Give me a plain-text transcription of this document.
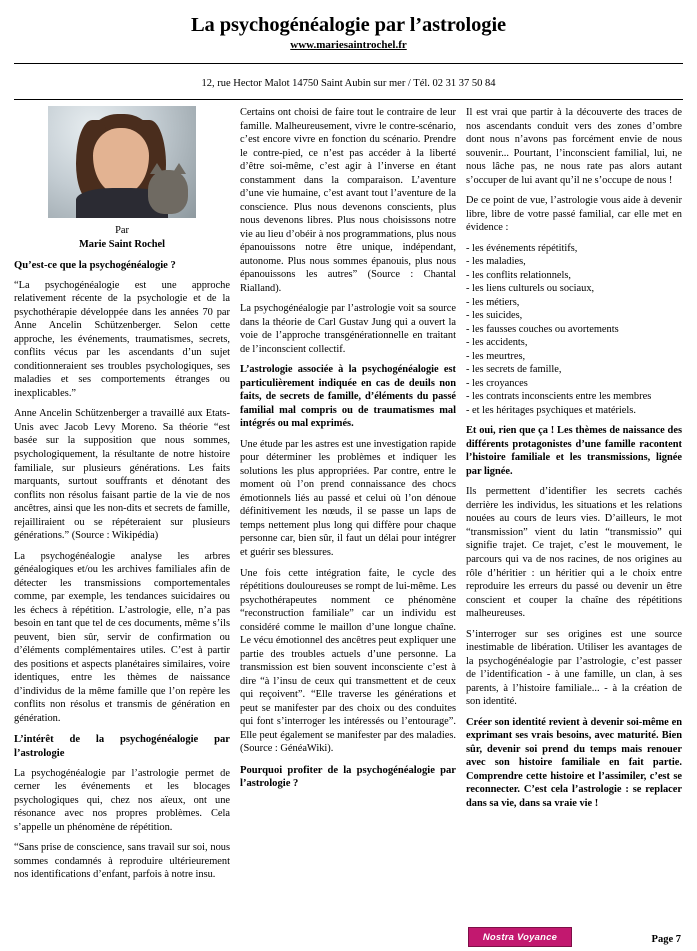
La psychogénéalogie par l’astrologie
www.mariesaintrochel.fr
12, rue Hector Malot 14750 Saint Aubin sur mer / Tél. 02 31 37 50 84
Par
Marie Saint Rochel
Qu’est-ce que la psychogénéalogie ?

“La psychogénéalogie est une approche relativement récente de la psychologie et de la psychothérapie développée dans les années 70 par Anne Ancelin Schützenberger. Selon cette approche, les événements, traumatismes, secrets, conflits vécus par les ascendants d’un sujet conditionneraient ses troubles psychologiques, ses maladies et ses comportements étranges ou inexplicables.”

Anne Ancelin Schützenberger a travaillé aux Etats-Unis avec Jacob Levy Moreno. Sa théorie “est basée sur la supposition que nous sommes, psychologiquement, la résultante de notre histoire familiale, sur plusieurs générations. Les faits marquants, surtout souffrants et dénotant des conflits non résolus faisant partie de la vie de nos ancêtres, ainsi que les non-dits et secrets de famille, rejailliraient ou se répéteraient sur plusieurs générations.” (Source : Wikipédia)

La psychogénéalogie analyse les arbres généalogiques et/ou les archives familiales afin de détecter les transmissions comportementales comme, par exemple, les tendances suicidaires ou les échecs à répétition. L’astrologie, elle, n’a pas besoin en tant que tel de ces documents, même s’ils peuvent, bien sûr, servir de confirmation ou d’éléments complémentaires utiles. C’est à partir des positions et aspects planétaires similaires, voire identiques, entre les thèmes de naissance d’individus de la même famille que l’on repère les conflits non résolus et transmis de génération en génération.

L’intérêt de la psychogénéalogie par l’astrologie

La psychogénéalogie par l’astrologie permet de cerner les événements et les blocages psychologiques qui, chez nos aïeux, ont une résonance avec nos propres problèmes. Cela s’appelle un phénomène de répétition.

“Sans prise de conscience, sans travail sur soi, nous sommes condamnés à reproduire ultérieurement nos identifications d’enfant, parfois à notre insu.

Certains ont choisi de faire tout le contraire de leur famille. Malheureusement, vivre le contre-scénario, c’est encore vivre en fonction du scénario. Prendre le contre-pied, ce n’est pas accéder à la liberté d’être soi-même, c’est agir à l’inverse en étant constamment dans la comparaison. L’aventure d’une vie humaine, c’est avant tout l’aventure de la conscience. Plus nous devenons conscients, plus nous devenons libres. Plus nous choisissons notre vie au lieu d’obéir à nos programmations, plus nous épanouissons notre être unique, indépendant, autonome. Plus nous sommes épanouis, plus nous épanouissons les autres” (Source : Chantal Rialland).

La psychogénéalogie par l’astrologie voit sa source dans la théorie de Carl Gustav Jung qui a ouvert la voie de l’approche transgénérationnelle en traitant de l’inconscient collectif.

L’astrologie associée à la psychogénéalogie est particulièrement indiquée en cas de deuils non faits, de secrets de famille, d’éléments du passé familial mal compris ou de traumatismes mal intégrés ou mal exprimés.

Une étude par les astres est une investigation rapide pour déterminer les problèmes et indiquer les solutions les plus appropriées. Par contre, entre le moment où l’on prend connaissance des chocs émotionnels liés au passé et celui où l’on dénoue définitivement les nœuds, il se passe un laps de temps nettement plus long qui diffère pour chaque personne car, bien sûr, il faut un délai pour intégrer et guérir ses blessures.

Une fois cette intégration faite, le cycle des répétitions douloureuses se rompt de lui-même. Les psychothérapeutes nomment ce phénomène “reconstruction familiale” car un individu est considéré comme le maillon d’une longue chaîne. Le vécu émotionnel des ancêtres peut expliquer une partie des troubles actuels d’une personne. La transmission est bien souvent inconsciente c’est à dire “à l’insu de ceux qui transmettent et de ceux qui reçoivent”. “Elle traverse les générations et peut se manifester par des choix ou des conduites qui font s’interroger les intéressés ou l’entourage”. Elle peut également se manifester par des maladies. (Source : GénéaWiki).

Pourquoi profiter de la psychogénéalogie par l’astrologie ?

Il est vrai que partir à la découverte des traces de nos ascendants conduit vers des zones d’ombre dont nous n’avons pas forcément envie de nous souvenir... Pourtant, l’inconscient familial, lui, ne nous lâche pas, ne nous rate pas alors autant s’occuper de lui avant qu’il ne s’occupe de nous !

De ce point de vue, l’astrologie vous aide à devenir libre, libre de votre passé familial, car elle met en évidence :

- les événements répétitifs,
- les maladies,
- les conflits relationnels,
- les liens culturels ou sociaux,
- les métiers,
- les suicides,
- les fausses couches ou avortements
- les accidents,
- les meurtres,
- les secrets de famille,
- les croyances
- les contrats inconscients entre les membres
- et les héritages psychiques et matériels.

Et oui, rien que ça ! Les thèmes de naissance des différents protagonistes d’une famille racontent l’histoire familiale et les transmissions, lignée par lignée.

Ils permettent d’identifier les secrets cachés derrière les individus, les situations et les relations nouées au cours de leurs vies. D’ailleurs, le mot “transmission” vient du latin “transmissio” qui signifie trajet. Ce trajet, c’est le mouvement, le parcours qui va de nos racines, de nos origines au rôle d’héritier : un héritier qui a le choix entre reproduire les erreurs du passé ou devenir un être conscient et couper la chaîne des répétitions malheureuses.

S’interroger sur ses origines est une source inestimable de libération. Utiliser les avantages de la psychogénéalogie par l’astrologie, c’est passer de l’identification - à une famille, un clan, à ses parents, à l’histoire familiale... - à la création de son identité.

Créer son identité revient à devenir soi-même en exprimant ses vrais besoins, avec maturité. Bien sûr, devenir soi prend du temps mais renouer avec son histoire familiale en fait partie. Comprendre cette histoire et l’assimiler, c’est se reconnecter. C’est cela l’astrologie : se replacer dans sa vie, dans sa vraie vie !

Nostra Voyance	Page 7
